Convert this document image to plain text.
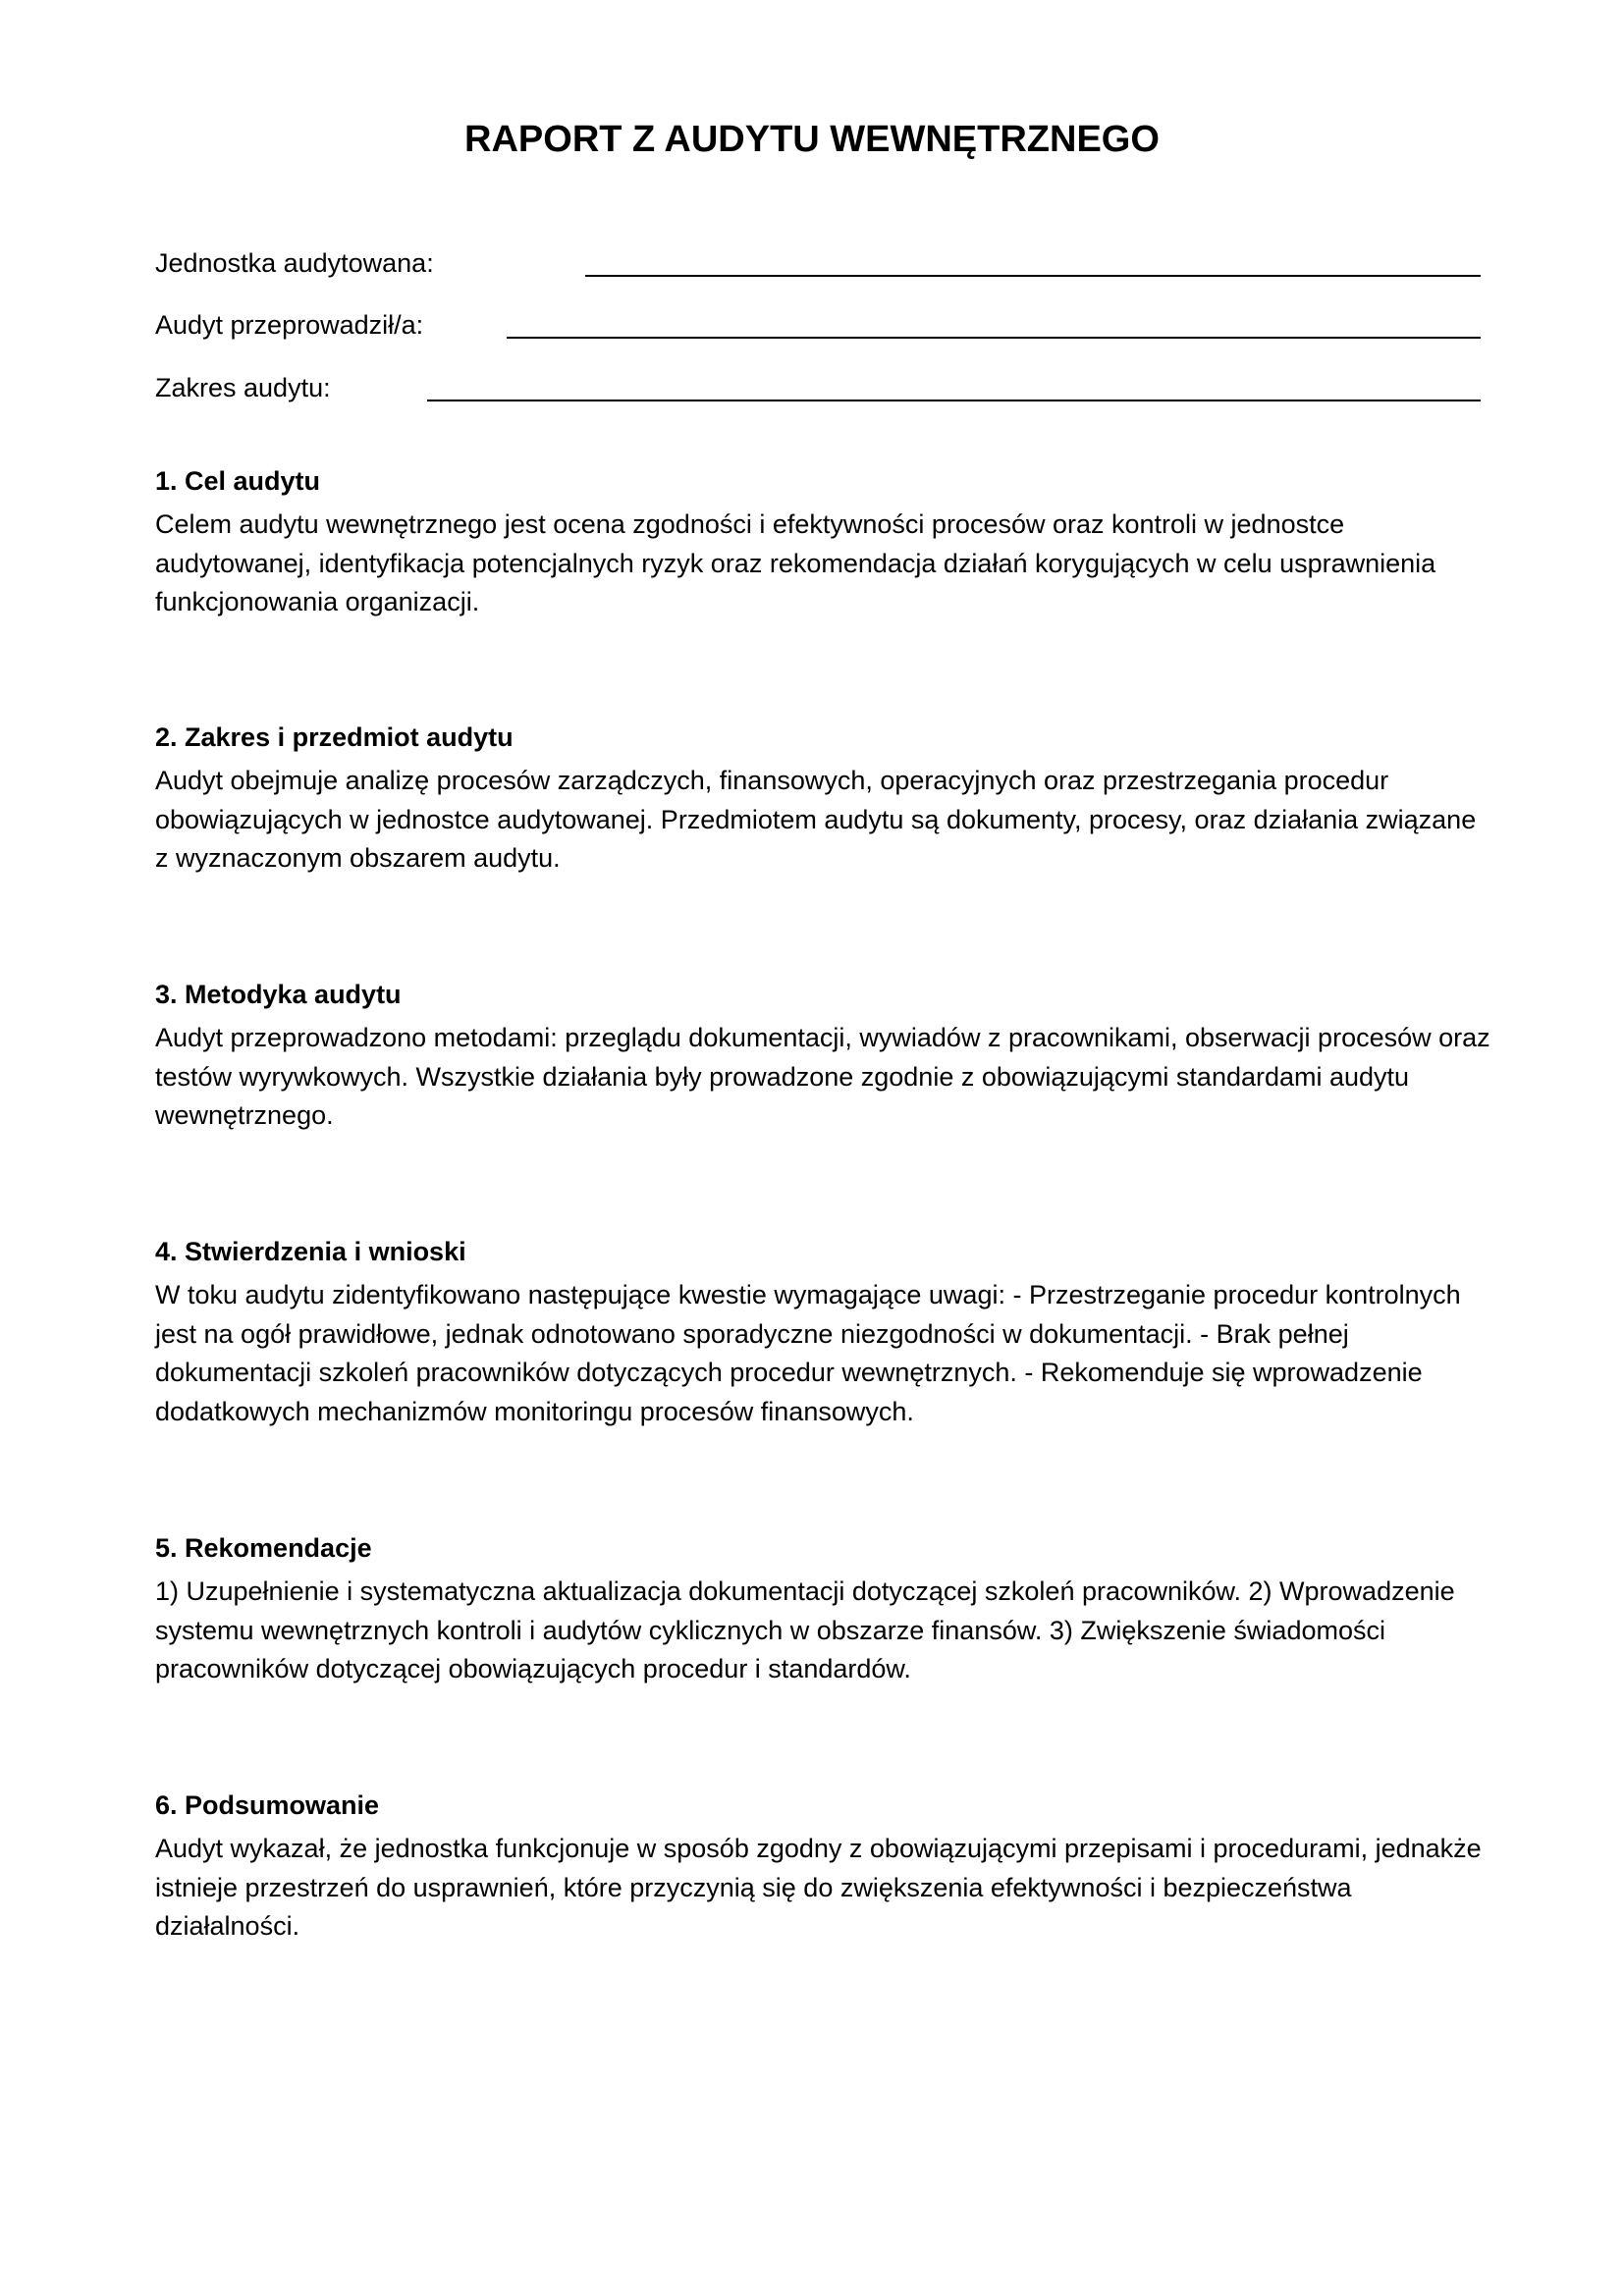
RAPORT Z AUDYTU WEWNĘTRZNEGO
Jednostka audytowana:
Audyt przeprowadził/a:
Zakres audytu:
1. Cel audytu

Celem audytu wewnętrznego jest ocena zgodności i efektywności procesów oraz kontroli w jednostce audytowanej, identyfikacja potencjalnych ryzyk oraz rekomendacja działań korygujących w celu usprawnienia funkcjonowania organizacji.

2. Zakres i przedmiot audytu

Audyt obejmuje analizę procesów zarządczych, finansowych, operacyjnych oraz przestrzegania procedur obowiązujących w jednostce audytowanej. Przedmiotem audytu są dokumenty, procesy, oraz działania związane z wyznaczonym obszarem audytu.

3. Metodyka audytu

Audyt przeprowadzono metodami: przeglądu dokumentacji, wywiadów z pracownikami, obserwacji procesów oraz testów wyrywkowych. Wszystkie działania były prowadzone zgodnie z obowiązującymi standardami audytu wewnętrznego.

4. Stwierdzenia i wnioski

W toku audytu zidentyfikowano następujące kwestie wymagające uwagi: - Przestrzeganie procedur kontrolnych jest na ogół prawidłowe, jednak odnotowano sporadyczne niezgodności w dokumentacji. - Brak pełnej dokumentacji szkoleń pracowników dotyczących procedur wewnętrznych. - Rekomenduje się wprowadzenie dodatkowych mechanizmów monitoringu procesów finansowych.

5. Rekomendacje

1) Uzupełnienie i systematyczna aktualizacja dokumentacji dotyczącej szkoleń pracowników. 2) Wprowadzenie systemu wewnętrznych kontroli i audytów cyklicznych w obszarze finansów. 3) Zwiększenie świadomości pracowników dotyczącej obowiązujących procedur i standardów.

6. Podsumowanie

Audyt wykazał, że jednostka funkcjonuje w sposób zgodny z obowiązującymi przepisami i procedurami, jednakże istnieje przestrzeń do usprawnień, które przyczynią się do zwiększenia efektywności i bezpieczeństwa działalności.
